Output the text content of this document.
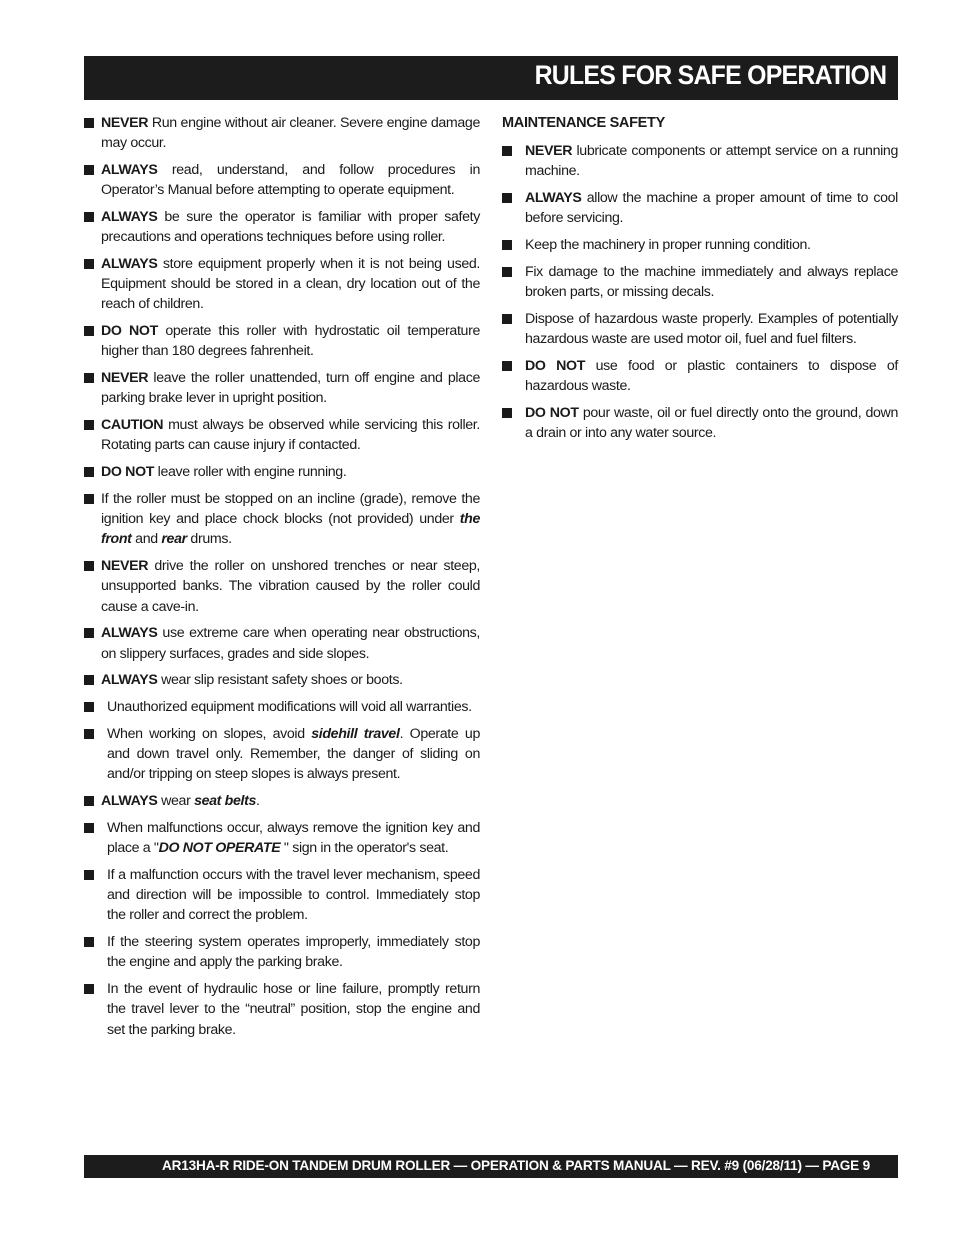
RULES FOR SAFE OPERATION
NEVER Run engine without air cleaner. Severe engine damage may occur.
ALWAYS read, understand, and follow procedures in Operator’s Manual before attempting to operate equipment.
ALWAYS be sure the operator is familiar with proper safety precautions and operations techniques before using roller.
ALWAYS store equipment properly when it is not being used. Equipment should be stored in a clean, dry location out of the reach of children.
DO NOT operate this roller with hydrostatic oil temperature higher than 180 degrees fahrenheit.
NEVER leave the roller unattended, turn off engine and place parking brake lever in upright position.
CAUTION must always be observed while servicing this roller. Rotating parts can cause injury if contacted.
DO NOT leave roller with engine running.
If the roller must be stopped on an incline (grade), remove the ignition key and place chock blocks (not provided) under the front and rear drums.
NEVER drive the roller on unshored trenches or near steep, unsupported banks. The vibration caused by the roller could cause a cave-in.
ALWAYS use extreme care when operating near obstructions, on slippery surfaces, grades and side slopes.
ALWAYS wear slip resistant safety shoes or boots.
Unauthorized equipment modifications will void all warranties.
When working on slopes, avoid sidehill travel. Operate up and down travel only. Remember, the danger of sliding on and/or tripping on steep slopes is always present.
ALWAYS wear seat belts.
When malfunctions occur, always remove the ignition key and place a "DO NOT OPERATE " sign in the operator's seat.
If a malfunction occurs with the travel lever mechanism, speed and direction will be impossible to control. Immediately stop the roller and correct the problem.
If the steering system operates improperly, immediately stop the engine and apply the parking brake.
In the event of hydraulic hose or line failure, promptly return the travel lever to the “neutral” position, stop the engine and set the parking brake.
MAINTENANCE SAFETY
NEVER lubricate components or attempt service on a running machine.
ALWAYS allow the machine a proper amount of time to cool before servicing.
Keep the machinery in proper running condition.
Fix damage to the machine immediately and always replace broken parts, or missing decals.
Dispose of hazardous waste properly. Examples of potentially hazardous waste are used motor oil, fuel and fuel filters.
DO NOT use food or plastic containers to dispose of hazardous waste.
DO NOT pour waste, oil or fuel directly onto the ground, down a drain or into any water source.
AR13HA-R RIDE-ON TANDEM DRUM ROLLER — OPERATION & PARTS MANUAL — REV. #9 (06/28/11) — PAGE 9
